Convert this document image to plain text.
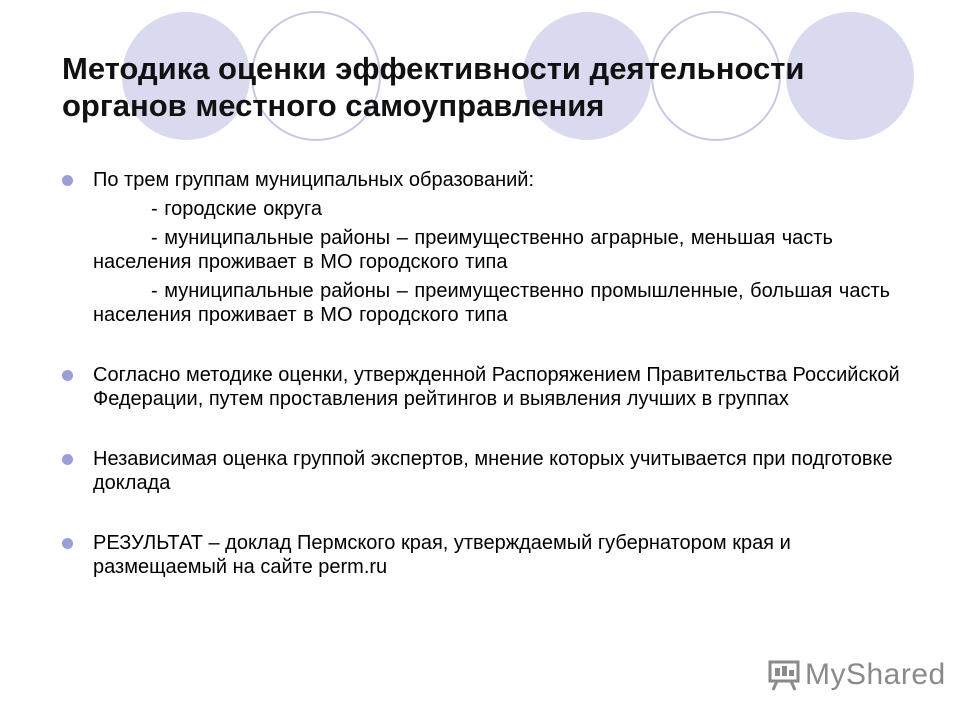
Методика оценки эффективности деятельности
органов местного самоуправления

По трем группам муниципальных образований:

- городские округа

- муниципальные районы – преимущественно аграрные, меньшая часть населения проживает в МО городского типа

- муниципальные районы – преимущественно промышленные, большая часть населения проживает в МО городского типа

Согласно методике оценки, утвержденной Распоряжением Правительства Российской Федерации, путем проставления рейтингов и выявления лучших в группах

Независимая оценка группой экспертов, мнение которых учитывается при подготовке доклада

РЕЗУЛЬТАТ – доклад Пермского края, утверждаемый губернатором края и размещаемый на сайте perm.ru

MyShared
